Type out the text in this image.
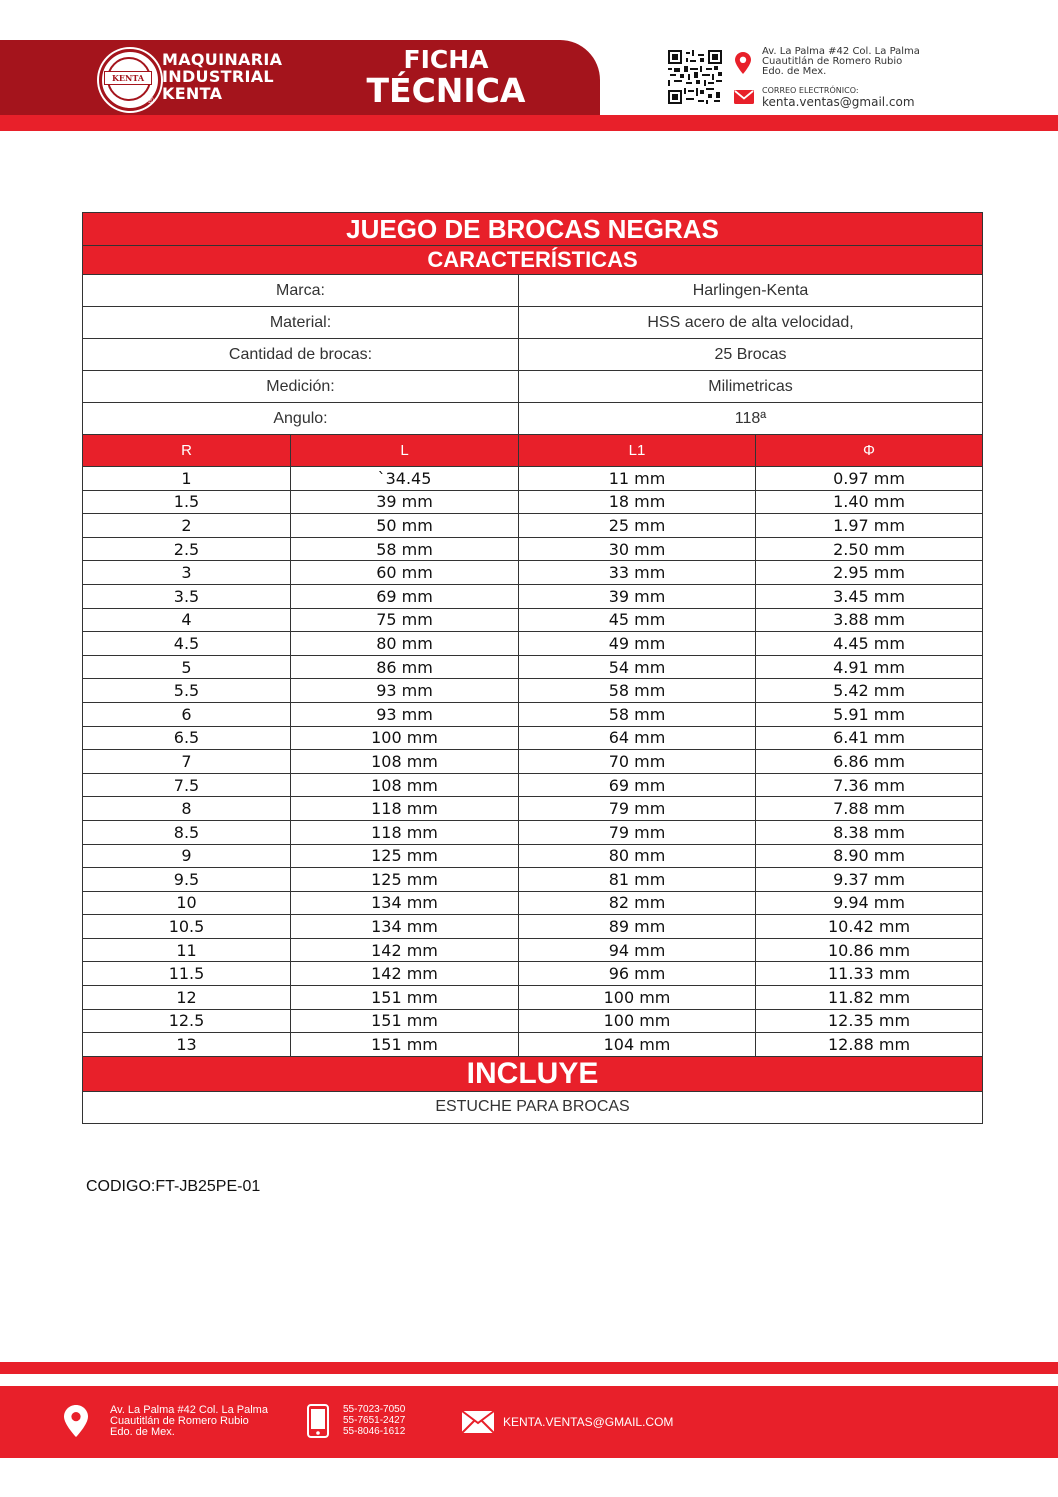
KENTA
®
MAQUINARIA
INDUSTRIAL
KENTA
FICHA
TÉCNICA
Av. La Palma #42 Col. La Palma
Cuautitlán de Romero Rubio
Edo. de Mex.
CORREO ELECTRÓNICO:
kenta.ventas@gmail.com
JUEGO DE BROCAS NEGRAS			
CARACTERÍSTICAS			
Marca:		Harlingen-Kenta	
Material:		HSS acero de alta velocidad,	
Cantidad de brocas:		25 Brocas	
Medición:		Milimetricas	
Angulo:		118ª	
R	L	L1	Φ
1	`34.45	11 mm	0.97 mm
1.5	39 mm	18 mm	1.40 mm
2	50 mm	25 mm	1.97 mm
2.5	58 mm	30 mm	2.50 mm
3	60 mm	33 mm	2.95 mm
3.5	69 mm	39 mm	3.45 mm
4	75 mm	45 mm	3.88 mm
4.5	80 mm	49 mm	4.45 mm
5	86 mm	54 mm	4.91 mm
5.5	93 mm	58 mm	5.42 mm
6	93 mm	58 mm	5.91 mm
6.5	100 mm	64 mm	6.41 mm
7	108 mm	70 mm	6.86 mm
7.5	108 mm	69 mm	7.36 mm
8	118 mm	79 mm	7.88 mm
8.5	118 mm	79 mm	8.38 mm
9	125 mm	80 mm	8.90 mm
9.5	125 mm	81 mm	9.37 mm
10	134 mm	82 mm	9.94 mm
10.5	134 mm	89 mm	10.42 mm
11	142 mm	94 mm	10.86 mm
11.5	142 mm	96 mm	11.33 mm
12	151 mm	100 mm	11.82 mm
12.5	151 mm	100 mm	12.35 mm
13	151 mm	104 mm	12.88 mm
INCLUYE			
ESTUCHE PARA BROCAS			
CODIGO:FT-JB25PE-01
Av. La Palma #42 Col. La Palma
Cuautitlán de Romero Rubio
Edo. de Mex.
55-7023-7050
55-7651-2427
55-8046-1612
KENTA.VENTAS@GMAIL.COM
